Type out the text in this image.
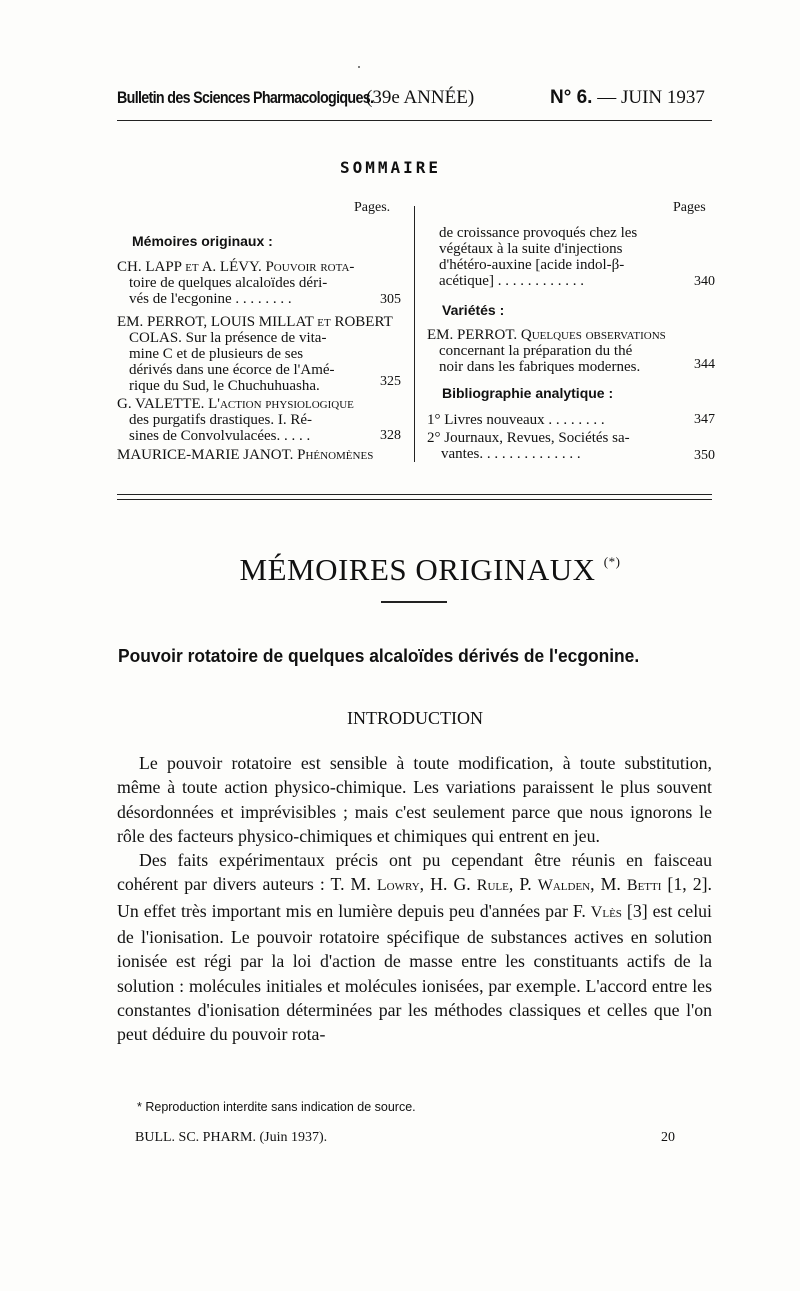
Bulletin des Sciences Pharmacologiques.
(39e ANNÉE)	N° 6. — JUIN 1937
SOMMAIRE
Pages.	Pages
Mémoires originaux :
CH. LAPP et A. LÉVY. Pouvoir rota-
toire de quelques alcaloïdes déri-
vés de l'ecgonine . . . . . . . .	305
EM. PERROT, LOUIS MILLAT et ROBERT
COLAS. Sur la présence de vita-
mine C et de plusieurs de ses
dérivés dans une écorce de l'Amé-
rique du Sud, le Chuchuhuasha.	325
G. VALETTE. L'action physiologique
des purgatifs drastiques. I. Ré-
sines de Convolvulacées. . . . .	328
MAURICE-MARIE JANOT. Phénomènes
de croissance provoqués chez les
végétaux à la suite d'injections
d'hétéro-auxine [acide indol-β-
acétique] . . . . . . . . . . . .	340
Variétés :
EM. PERROT. Quelques observations
concernant la préparation du thé
noir dans les fabriques modernes.	344
Bibliographie analytique :
1° Livres nouveaux . . . . . . . .	347
2° Journaux, Revues, Sociétés sa-
vantes. . . . . . . . . . . . . .	350
MÉMOIRES ORIGINAUX (*)
Pouvoir rotatoire de quelques alcaloïdes dérivés de l'ecgonine.
INTRODUCTION

Le pouvoir rotatoire est sensible à toute modification, à toute substitution, même à toute action physico-chimique. Les variations paraissent le plus souvent désordonnées et imprévisibles ; mais c'est seulement parce que nous ignorons le rôle des facteurs physico-chimiques et chimiques qui entrent en jeu.

Des faits expérimentaux précis ont pu cependant être réunis en faisceau cohérent par divers auteurs : T. M. Lowry, H. G. Rule, P. Walden, M. Betti [1, 2]. Un effet très important mis en lumière depuis peu d'années par F. Vlès [3] est celui de l'ionisation. Le pouvoir rotatoire spécifique de substances actives en solution ionisée est régi par la loi d'action de masse entre les constituants actifs de la solution : molécules initiales et molécules ionisées, par exemple. L'accord entre les constantes d'ionisation déterminées par les méthodes classiques et celles que l'on peut déduire du pouvoir rota-

* Reproduction interdite sans indication de source.
BULL. SC. PHARM. (Juin 1937).	20
